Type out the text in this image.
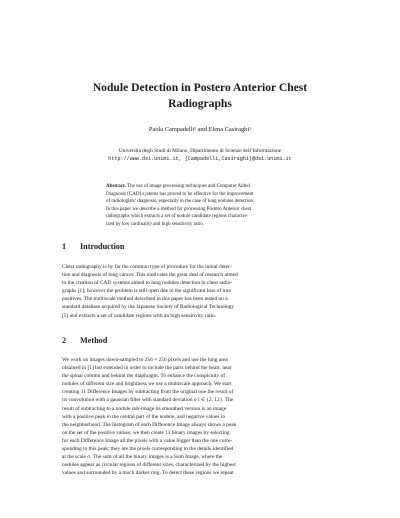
Nodule Detection in Postero Anterior Chest
Radiographs
Paola Campadelli¹ and Elena Casiraghi¹
Università degli Studi di Milano, Dipartimento di Scienze dell’Informazione
http://www.dsi.unimi.it, {Campadelli,Casiraghi}@dsi.unimi.it
Abstract. The use of image processing techniques and Computer Aided
Diagnosis (CAD) systems has proved to be effective for the improvement
of radiologists’ diagnosis, especially in the case of lung nodules detection.
In this paper we describe a method for processing Postero Anterior chest
radiographs which extracts a set of nodule candidate regions character-
ized by low cardinality and high sensitivity ratio.
1 Introduction
Chest radiography is by far the common type of procedure for the initial detec-
tion and diagnosis of lung cancer. This motivates the great deal of research aimed
to the creation of CAD systems aimed to lung nodules detection in chest radio-
graphs [1]; however the problem is still open due to the significant loss of true
positives. The multiscale method described in this paper has been tested on a
standard database acquired by the Japanese Society of Radiological Technology
[5] and extracts a set of candidate regions with an high sensitivity ratio.
2 Method
We work on images down-sampled to 256 × 256 pixels and use the lung area
obtained in [1] but extended in order to include the parts behind the heart, near
the spinal column and behind the diaphragm. To enhance the conspicuity of
nodules of different size and brightness we use a multiscale approach. We start
creating 11 Difference Images by subtracting from the original one the result of
its convolution with a gaussian filter with standard deviation σ i ∈ {2, 12}. The
result of subtracting to a nodule sub-image its smoothed version is an image
with a positive peak in the central part of the nodule, and negative values in
the neighborhood. The histogram of each Difference Image always shows a peak
on the set of the positive values; we then create 11 binary images by selecting
for each Difference Image all the pixels with a value bigger than the one corre-
sponding to this peak; they are the pixels corresponding to the details identified
at the scale σ. The sum of all the binary images is a Sum Image, where the
nodules appear as circular regions of different sizes, characterized by the highest
values and surrounded by a much darker ring. To detect these regions we repeat
